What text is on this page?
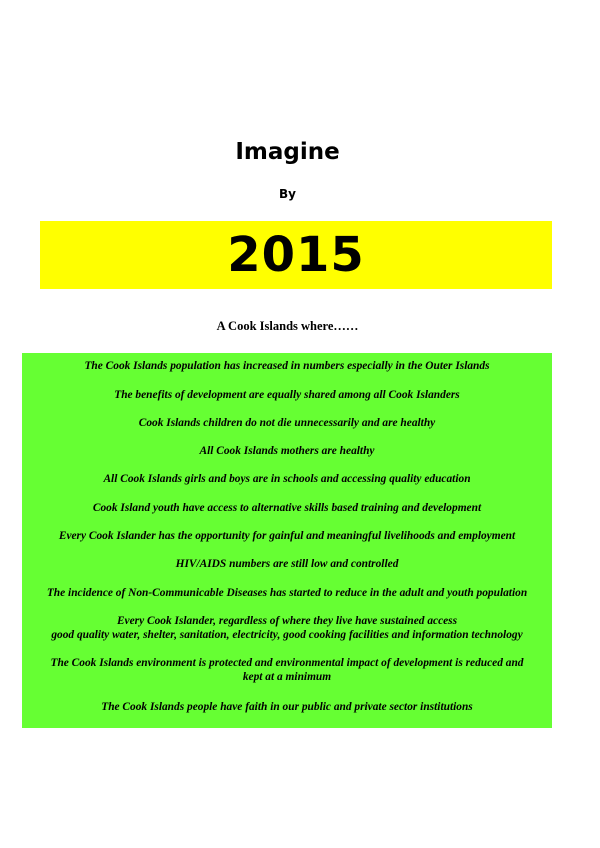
Imagine
By
2015
A Cook Islands where……
The Cook Islands population has increased in numbers especially in the Outer Islands
The benefits of development are equally shared among all Cook Islanders
Cook Islands children do not die unnecessarily and are healthy
All Cook Islands mothers are healthy
All Cook Islands girls and boys are in schools and accessing quality education
Cook Island youth have access to alternative skills based training and development
Every Cook Islander has the opportunity for gainful and meaningful livelihoods and employment
HIV/AIDS numbers are still low and controlled
The incidence of Non-Communicable Diseases has started to reduce in the adult and youth population
Every Cook Islander, regardless of where they live have sustained access
good quality water, shelter, sanitation, electricity, good cooking facilities and information technology
The Cook Islands environment is protected and environmental impact of development is reduced and
kept at a minimum
The Cook Islands people have faith in our public and private sector institutions
